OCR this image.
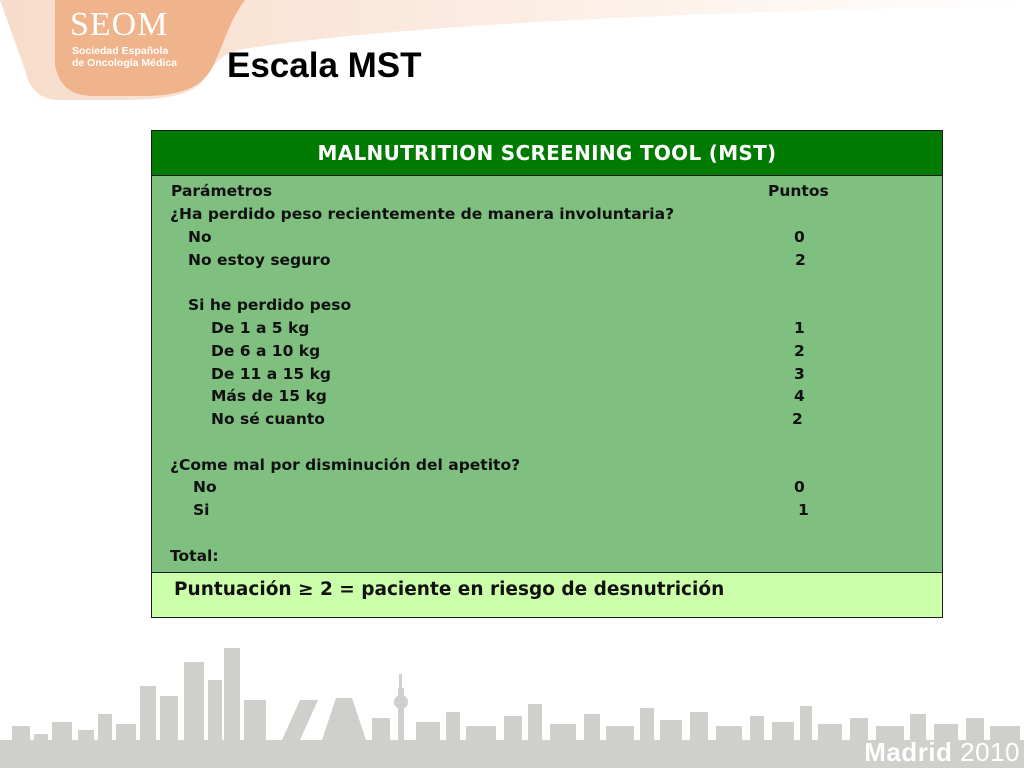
SEOM
Sociedad Española
de Oncología Médica	Escala MST
MALNUTRITION SCREENING TOOL (MST)
Parámetros	Puntos
¿Ha perdido peso recientemente de manera involuntaria?
No	0
No estoy seguro	2
Si he perdido peso
De 1 a 5 kg	1
De 6 a 10 kg	2
De 11 a 15 kg	3
Más de 15 kg	4
No sé cuanto	2
¿Come mal por disminución del apetito?
No	0
Si	1
Total:
Puntuación ≥ 2 = paciente en riesgo de desnutrición
Madrid 2010
